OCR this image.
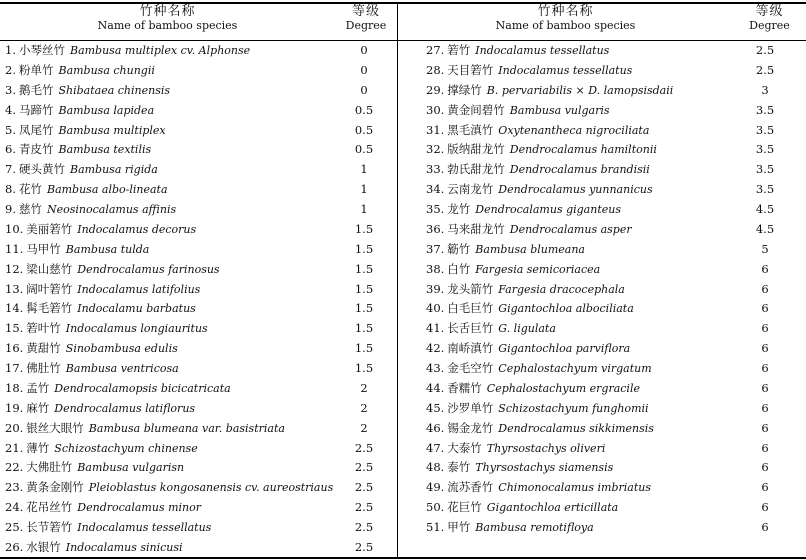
竹种名称
Name of bamboo species
等级
Degree
1. 小琴丝竹 Bambusa multiplex cv. Alphonse	0
2. 粉单竹 Bambusa chungii	0
3. 鹅毛竹 Shibataea chinensis	0
4. 马蹄竹 Bambusa lapidea	0.5
5. 凤尾竹 Bambusa multiplex	0.5
6. 青皮竹 Bambusa textilis	0.5
7. 硬头黄竹 Bambusa rigida	1
8. 花竹 Bambusa albo-lineata	1
9. 慈竹 Neosinocalamus affinis	1
10. 美丽箬竹 Indocalamus decorus	1.5
11. 马甲竹 Bambusa tulda	1.5
12. 梁山慈竹 Dendrocalamus farinosus	1.5
13. 阔叶箬竹 Indocalamus latifolius	1.5
14. 髯毛箬竹 Indocalamu barbatus	1.5
15. 箬叶竹 Indocalamus longiauritus	1.5
16. 黄甜竹 Sinobambusa edulis	1.5
17. 佛肚竹 Bambusa ventricosa	1.5
18. 孟竹 Dendrocalamopsis bicicatricata	2
19. 麻竹 Dendrocalamus latiflorus	2
20. 银丝大眼竹 Bambusa blumeana var. basistriata	2
21. 薄竹 Schizostachyum chinense	2.5
22. 大佛肚竹 Bambusa vulgarisn	2.5
23. 黄条金刚竹 Pleioblastus kongosanensis cv. aureostriaus	2.5
24. 花吊丝竹 Dendrocalamus minor	2.5
25. 长节箬竹 Indocalamus tessellatus	2.5
26. 水银竹 Indocalamus sinicusi	2.5
竹种名称
Name of bamboo species
等级
Degree
27. 箬竹 Indocalamus tessellatus	2.5
28. 天目箬竹 Indocalamus tessellatus	2.5
29. 撑绿竹 B. pervariabilis × D. lamopsisdaii	3
30. 黄金间碧竹 Bambusa vulgaris	3.5
31. 黑毛滇竹 Oxytenantheca nigrociliata	3.5
32. 版纳甜龙竹 Dendrocalamus hamiltonii	3.5
33. 勃氏甜龙竹 Dendrocalamus brandisii	3.5
34. 云南龙竹 Dendrocalamus yunnanicus	3.5
35. 龙竹 Dendrocalamus giganteus	4.5
36. 马来甜龙竹 Dendrocalamus asper	4.5
37. 簕竹 Bambusa blumeana	5
38. 白竹 Fargesia semicoriacea	6
39. 龙头箭竹 Fargesia dracocephala	6
40. 白毛巨竹 Gigantochloa albociliata	6
41. 长舌巨竹 G. ligulata	6
42. 南峤滇竹 Gigantochloa parviflora	6
43. 金毛空竹 Cephalostachyum virgatum	6
44. 香糯竹 Cephalostachyum ergracile	6
45. 沙罗单竹 Schizostachyum funghomii	6
46. 锡金龙竹 Dendrocalamus sikkimensis	6
47. 大泰竹 Thyrsostachys oliveri	6
48. 泰竹 Thyrsostachys siamensis	6
49. 流苏香竹 Chimonocalamus imbriatus	6
50. 花巨竹 Gigantochloa erticillata	6
51. 甲竹 Bambusa remotifloya	6
